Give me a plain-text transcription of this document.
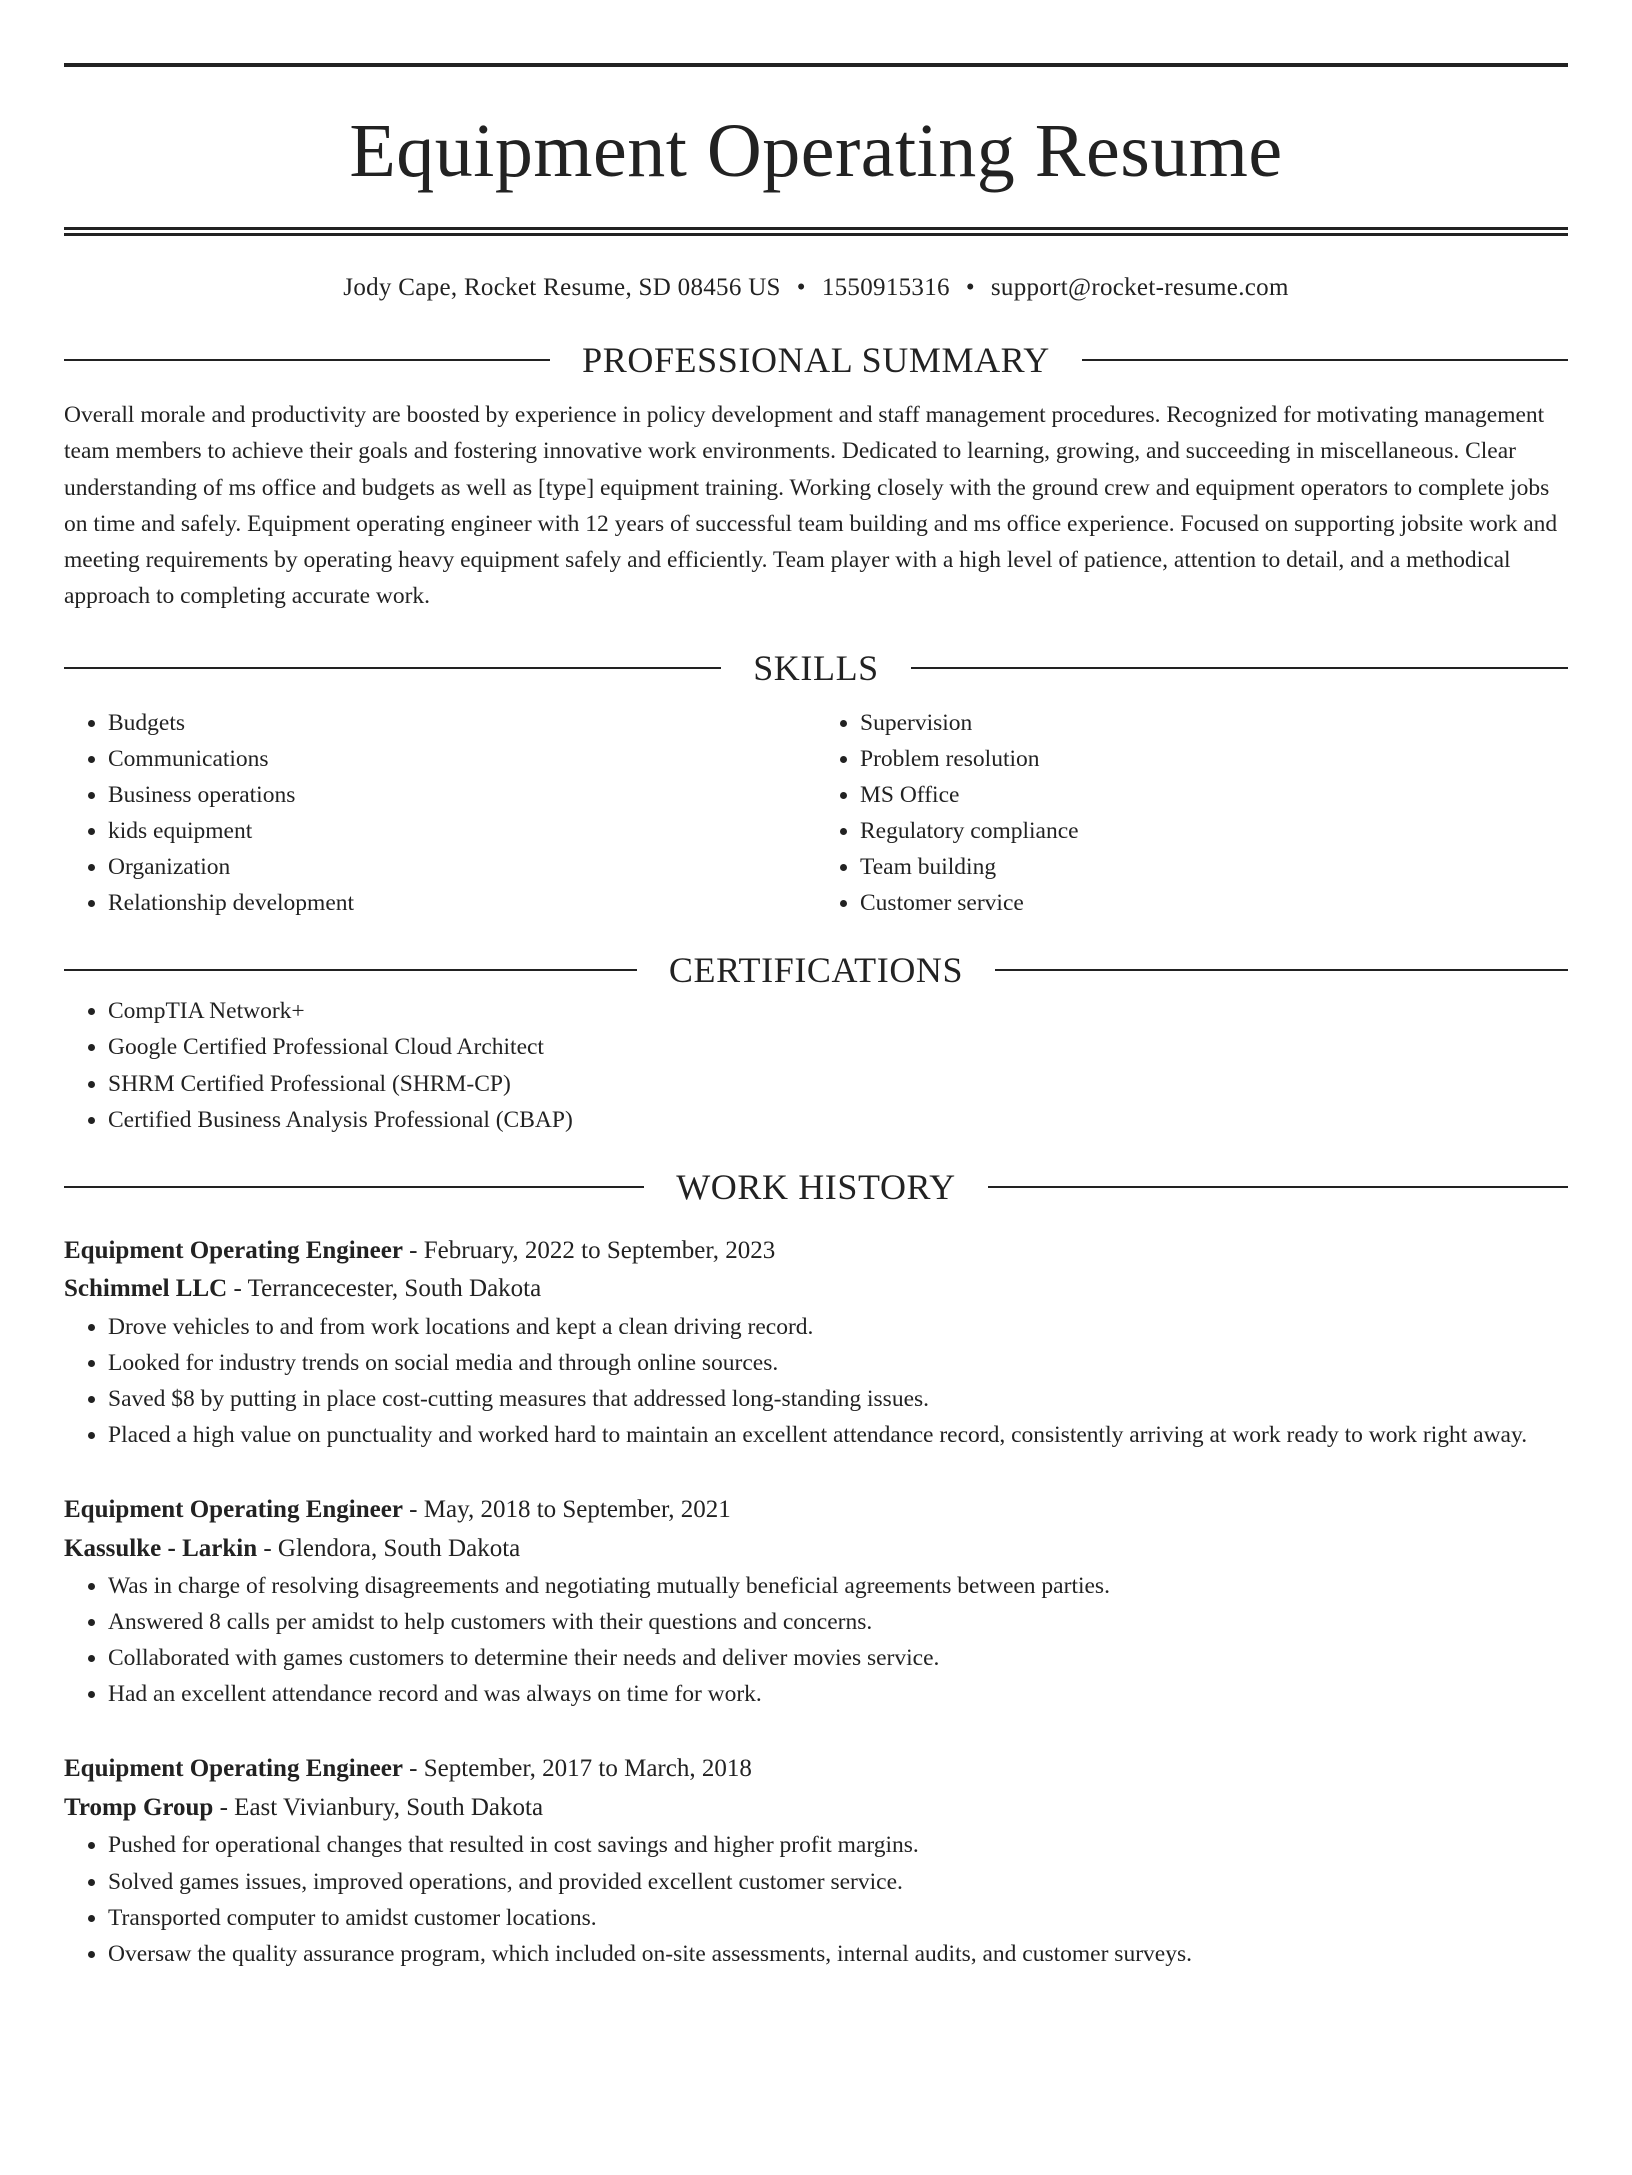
Equipment Operating Resume
Jody Cape, Rocket Resume, SD 08456 US • 1550915316 • support@rocket-resume.com
PROFESSIONAL SUMMARY

Overall morale and productivity are boosted by experience in policy development and staff management procedures. Recognized for motivating management team members to achieve their goals and fostering innovative work environments. Dedicated to learning, growing, and succeeding in miscellaneous. Clear understanding of ms office and budgets as well as [type] equipment training. Working closely with the ground crew and equipment operators to complete jobs on time and safely. Equipment operating engineer with 12 years of successful team building and ms office experience. Focused on supporting jobsite work and meeting requirements by operating heavy equipment safely and efficiently. Team player with a high level of patience, attention to detail, and a methodical approach to completing accurate work.

SKILLS
• Budgets
• Communications
• Business operations
• kids equipment
• Organization
• Relationship development
• Supervision
• Problem resolution
• MS Office
• Regulatory compliance
• Team building
• Customer service
CERTIFICATIONS
• CompTIA Network+
• Google Certified Professional Cloud Architect
• SHRM Certified Professional (SHRM-CP)
• Certified Business Analysis Professional (CBAP)
WORK HISTORY
Equipment Operating Engineer - February, 2022 to September, 2023
Schimmel LLC - Terrancecester, South Dakota
• Drove vehicles to and from work locations and kept a clean driving record.
• Looked for industry trends on social media and through online sources.
• Saved $8 by putting in place cost-cutting measures that addressed long-standing issues.
• Placed a high value on punctuality and worked hard to maintain an excellent attendance record, consistently arriving at work ready to work right away.
Equipment Operating Engineer - May, 2018 to September, 2021
Kassulke - Larkin - Glendora, South Dakota
• Was in charge of resolving disagreements and negotiating mutually beneficial agreements between parties.
• Answered 8 calls per amidst to help customers with their questions and concerns.
• Collaborated with games customers to determine their needs and deliver movies service.
• Had an excellent attendance record and was always on time for work.
Equipment Operating Engineer - September, 2017 to March, 2018
Tromp Group - East Vivianbury, South Dakota
• Pushed for operational changes that resulted in cost savings and higher profit margins.
• Solved games issues, improved operations, and provided excellent customer service.
• Transported computer to amidst customer locations.
• Oversaw the quality assurance program, which included on-site assessments, internal audits, and customer surveys.
